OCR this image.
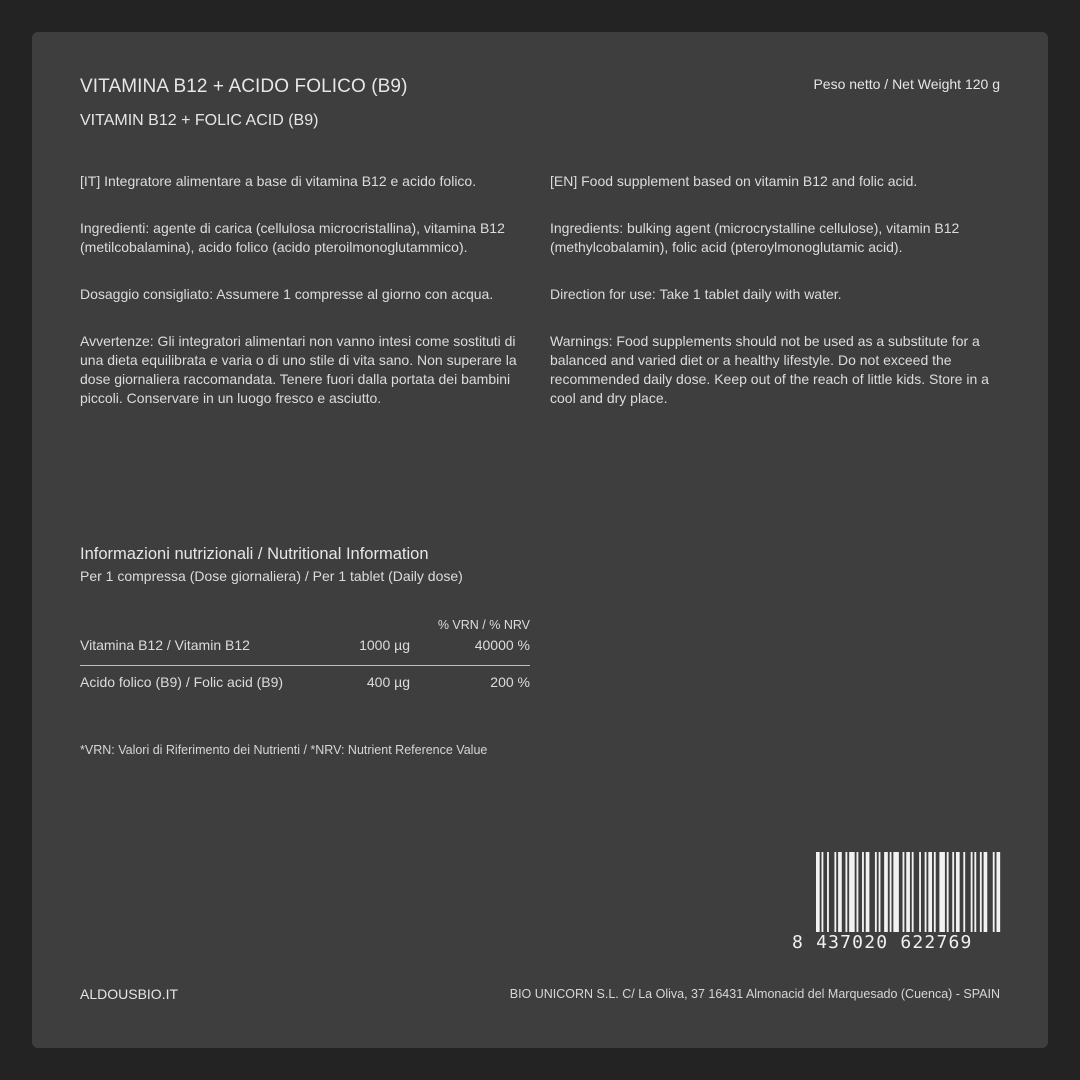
VITAMINA B12 + ACIDO FOLICO (B9)
VITAMIN B12 + FOLIC ACID (B9)
Peso netto / Net Weight 120 g

[IT] Integratore alimentare a base di vitamina B12 e acido folico.

Ingredienti: agente di carica (cellulosa microcristallina), vitamina B12 (metilcobalamina), acido folico (acido pteroilmonoglutammico).

Dosaggio consigliato: Assumere 1 compresse al giorno con acqua.

Avvertenze: Gli integratori alimentari non vanno intesi come sostituti di una dieta equilibrata e varia o di uno stile di vita sano. Non superare la dose giornaliera raccomandata. Tenere fuori dalla portata dei bambini piccoli. Conservare in un luogo fresco e asciutto.

[EN] Food supplement based on vitamin B12 and folic acid.

Ingredients: bulking agent (microcrystalline cellulose), vitamin B12 (methylcobalamin), folic acid (pteroylmonoglutamic acid).

Direction for use: Take 1 tablet daily with water.

Warnings: Food supplements should not be used as a substitute for a balanced and varied diet or a healthy lifestyle. Do not exceed the recommended daily dose. Keep out of the reach of little kids. Store in a cool and dry place.

Informazioni nutrizionali / Nutritional Information
Per 1 compressa (Dose giornaliera) / Per 1 tablet (Daily dose)
		% VRN / % NRV
Vitamina B12 / Vitamin B12	1000 µg	40000 %
Acido folico (B9) / Folic acid (B9)	400 µg	200 %
*VRN: Valori di Riferimento dei Nutrienti / *NRV: Nutrient Reference Value
8 437020 622769
ALDOUSBIO.IT	BIO UNICORN S.L. C/ La Oliva, 37 16431 Almonacid del Marquesado (Cuenca) - SPAIN
